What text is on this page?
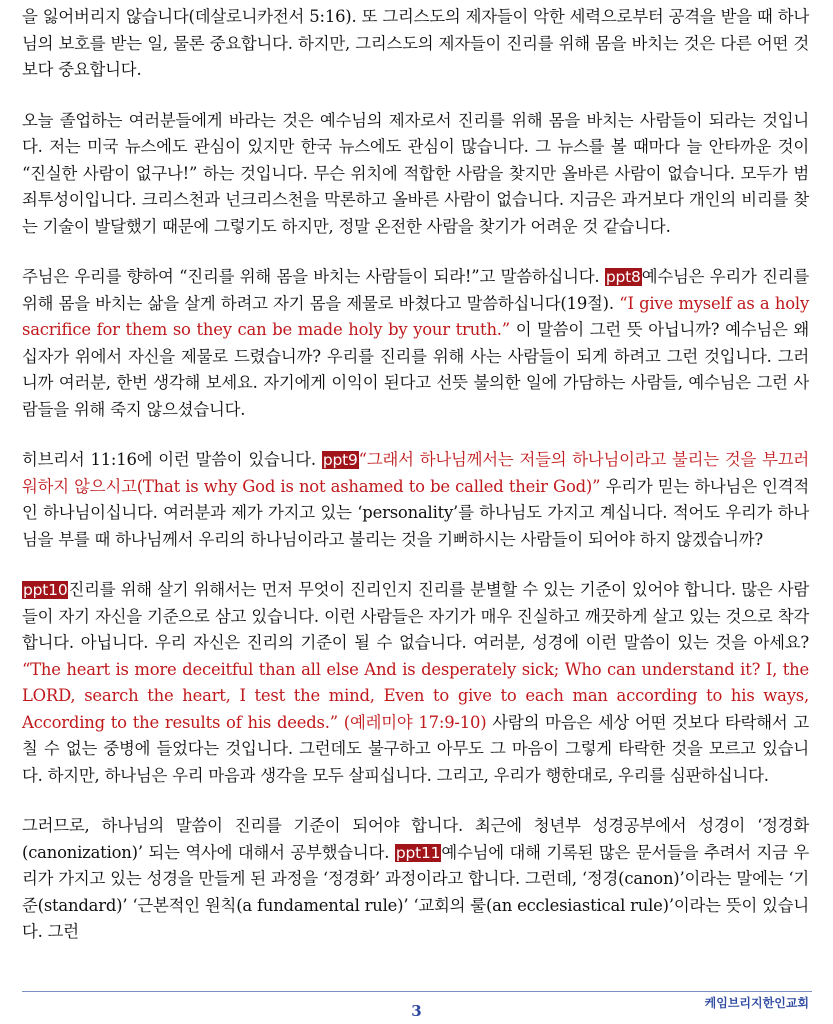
을 잃어버리지 않습니다(데살로니카전서 5:16). 또 그리스도의 제자들이 악한 세력으로부터 공격을 받을 때 하나님의 보호를 받는 일, 물론 중요합니다. 하지만, 그리스도의 제자들이 진리를 위해 몸을 바치는 것은 다른 어떤 것보다 중요합니다.

오늘 졸업하는 여러분들에게 바라는 것은 예수님의 제자로서 진리를 위해 몸을 바치는 사람들이 되라는 것입니다. 저는 미국 뉴스에도 관심이 있지만 한국 뉴스에도 관심이 많습니다. 그 뉴스를 볼 때마다 늘 안타까운 것이 “진실한 사람이 없구나!” 하는 것입니다. 무슨 위치에 적합한 사람을 찾지만 올바른 사람이 없습니다. 모두가 범죄투성이입니다. 크리스천과 넌크리스천을 막론하고 올바른 사람이 없습니다. 지금은 과거보다 개인의 비리를 찾는 기술이 발달했기 때문에 그렇기도 하지만, 정말 온전한 사람을 찾기가 어려운 것 같습니다.

주님은 우리를 향하여 “진리를 위해 몸을 바치는 사람들이 되라!”고 말씀하십니다. ppt8예수님은 우리가 진리를 위해 몸을 바치는 삶을 살게 하려고 자기 몸을 제물로 바쳤다고 말씀하십니다(19절). “I give myself as a holy sacrifice for them so they can be made holy by your truth.” 이 말씀이 그런 뜻 아닙니까? 예수님은 왜 십자가 위에서 자신을 제물로 드렸습니까? 우리를 진리를 위해 사는 사람들이 되게 하려고 그런 것입니다. 그러니까 여러분, 한번 생각해 보세요. 자기에게 이익이 된다고 선뜻 불의한 일에 가담하는 사람들, 예수님은 그런 사람들을 위해 죽지 않으셨습니다.

히브리서 11:16에 이런 말씀이 있습니다. ppt9“그래서 하나님께서는 저들의 하나님이라고 불리는 것을 부끄러워하지 않으시고(That is why God is not ashamed to be called their God)” 우리가 믿는 하나님은 인격적인 하나님이십니다. 여러분과 제가 가지고 있는 ‘personality’를 하나님도 가지고 계십니다. 적어도 우리가 하나님을 부를 때 하나님께서 우리의 하나님이라고 불리는 것을 기뻐하시는 사람들이 되어야 하지 않겠습니까?

ppt10진리를 위해 살기 위해서는 먼저 무엇이 진리인지 진리를 분별할 수 있는 기준이 있어야 합니다. 많은 사람들이 자기 자신을 기준으로 삼고 있습니다. 이런 사람들은 자기가 매우 진실하고 깨끗하게 살고 있는 것으로 착각합니다. 아닙니다. 우리 자신은 진리의 기준이 될 수 없습니다. 여러분, 성경에 이런 말씀이 있는 것을 아세요? “The heart is more deceitful than all else And is desperately sick; Who can understand it? I, the LORD, search the heart, I test the mind, Even to give to each man according to his ways, According to the results of his deeds.” (예레미야 17:9-10) 사람의 마음은 세상 어떤 것보다 타락해서 고칠 수 없는 중병에 들었다는 것입니다. 그런데도 불구하고 아무도 그 마음이 그렇게 타락한 것을 모르고 있습니다. 하지만, 하나님은 우리 마음과 생각을 모두 살피십니다. 그리고, 우리가 행한대로, 우리를 심판하십니다.

그러므로, 하나님의 말씀이 진리를 기준이 되어야 합니다. 최근에 청년부 성경공부에서 성경이 ‘정경화(canonization)’ 되는 역사에 대해서 공부했습니다. ppt11예수님에 대해 기록된 많은 문서들을 추려서 지금 우리가 가지고 있는 성경을 만들게 된 과정을 ‘정경화’ 과정이라고 합니다. 그런데, ‘정경(canon)’이라는 말에는 ‘기준(standard)’ ‘근본적인 원칙(a fundamental rule)’ ‘교회의 룰(an ecclesiastical rule)’이라는 뜻이 있습니다. 그런

케임브리지한인교회
3
